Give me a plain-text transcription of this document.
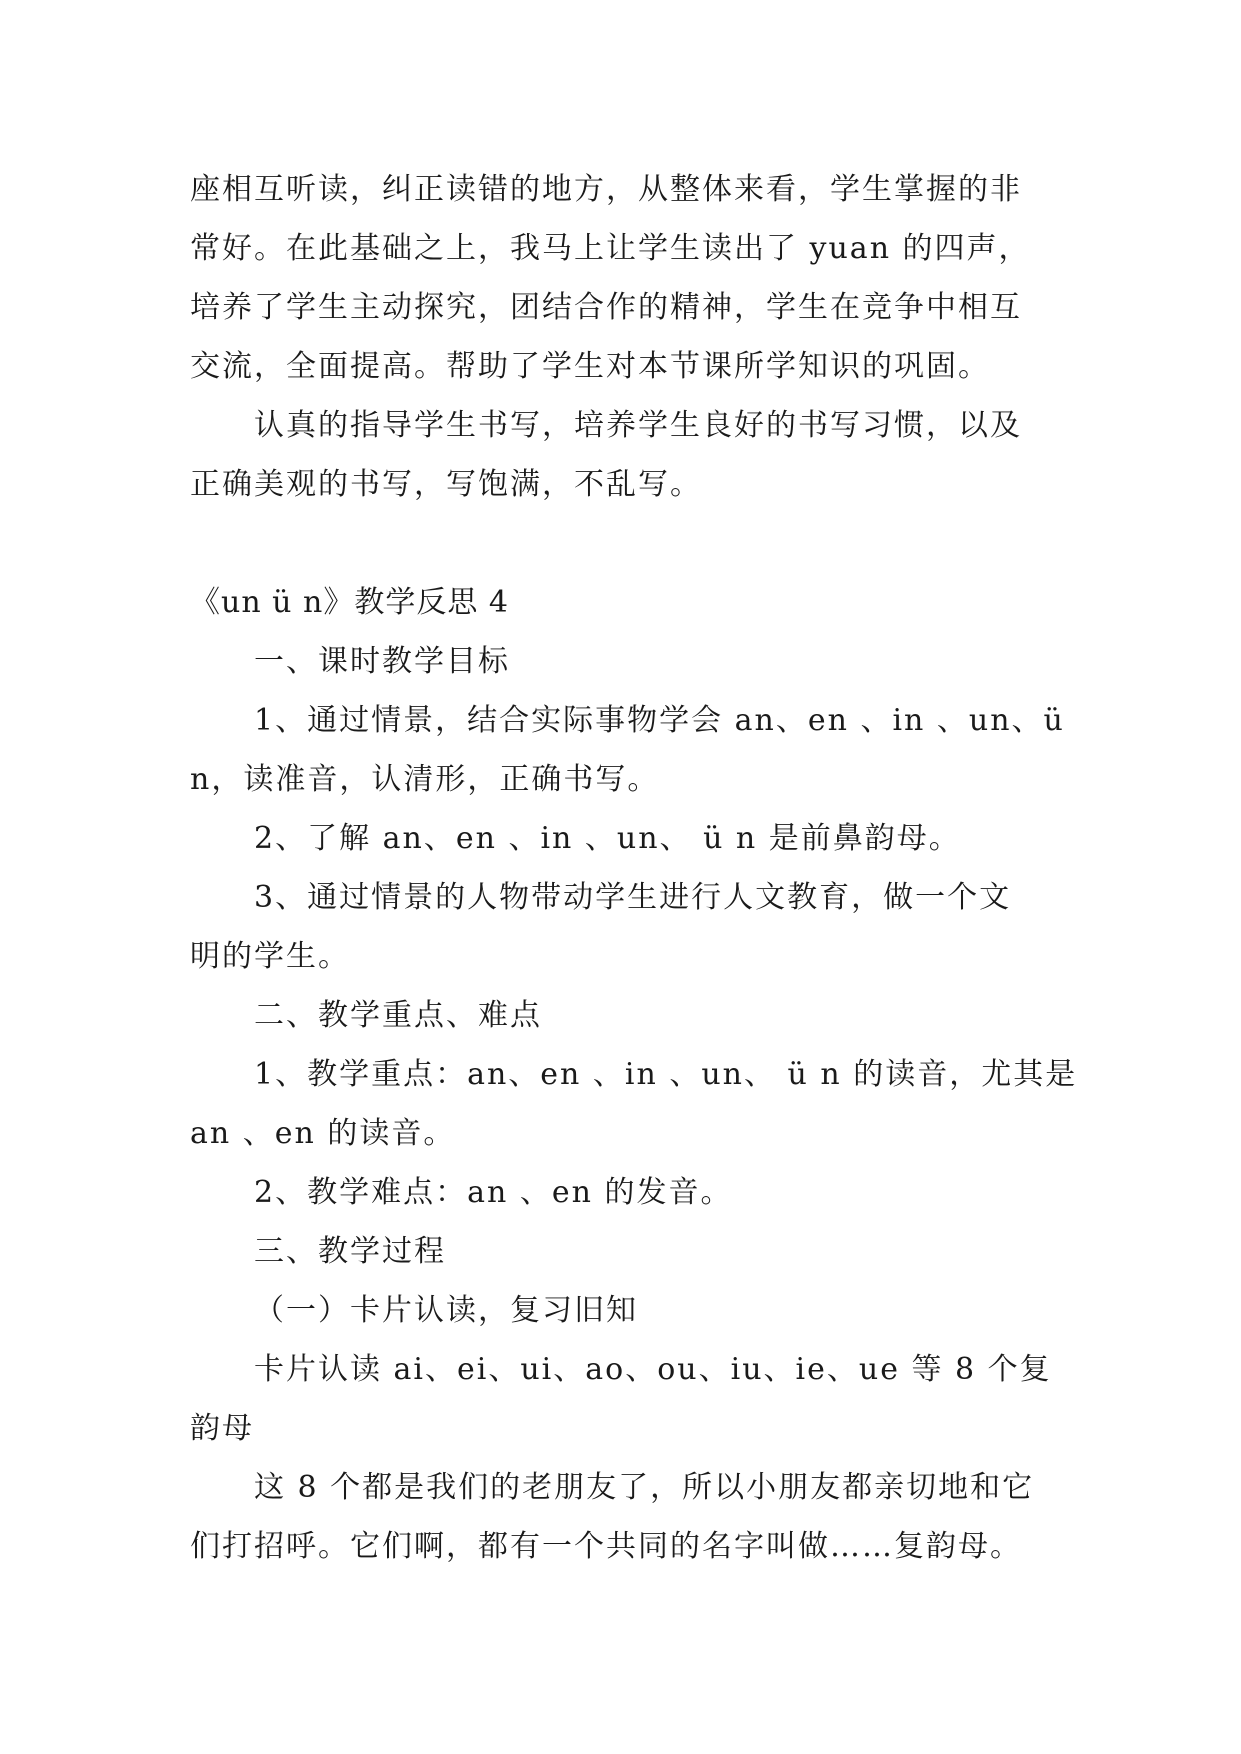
座相互听读，纠正读错的地方，从整体来看，学生掌握的非
常好。在此基础之上，我马上让学生读出了 yuan 的四声，
培养了学生主动探究，团结合作的精神，学生在竞争中相互
交流，全面提高。帮助了学生对本节课所学知识的巩固。
认真的指导学生书写，培养学生良好的书写习惯，以及
正确美观的书写，写饱满，不乱写。
《un ü n》教学反思 4
一、课时教学目标
1、通过情景，结合实际事物学会 an、en 、in 、un、ü
n，读准音，认清形，正确书写。
2、了解 an、en 、in 、un、 ü n 是前鼻韵母。
3、通过情景的人物带动学生进行人文教育，做一个文
明的学生。
二、教学重点、难点
1、教学重点：an、en 、in 、un、 ü n 的读音，尤其是
an 、en 的读音。
2、教学难点：an 、en 的发音。
三、教学过程
（一）卡片认读，复习旧知
卡片认读 ai、ei、ui、ao、ou、iu、ie、ue 等 8 个复
韵母
这 8 个都是我们的老朋友了，所以小朋友都亲切地和它
们打招呼。它们啊，都有一个共同的名字叫做……复韵母。
